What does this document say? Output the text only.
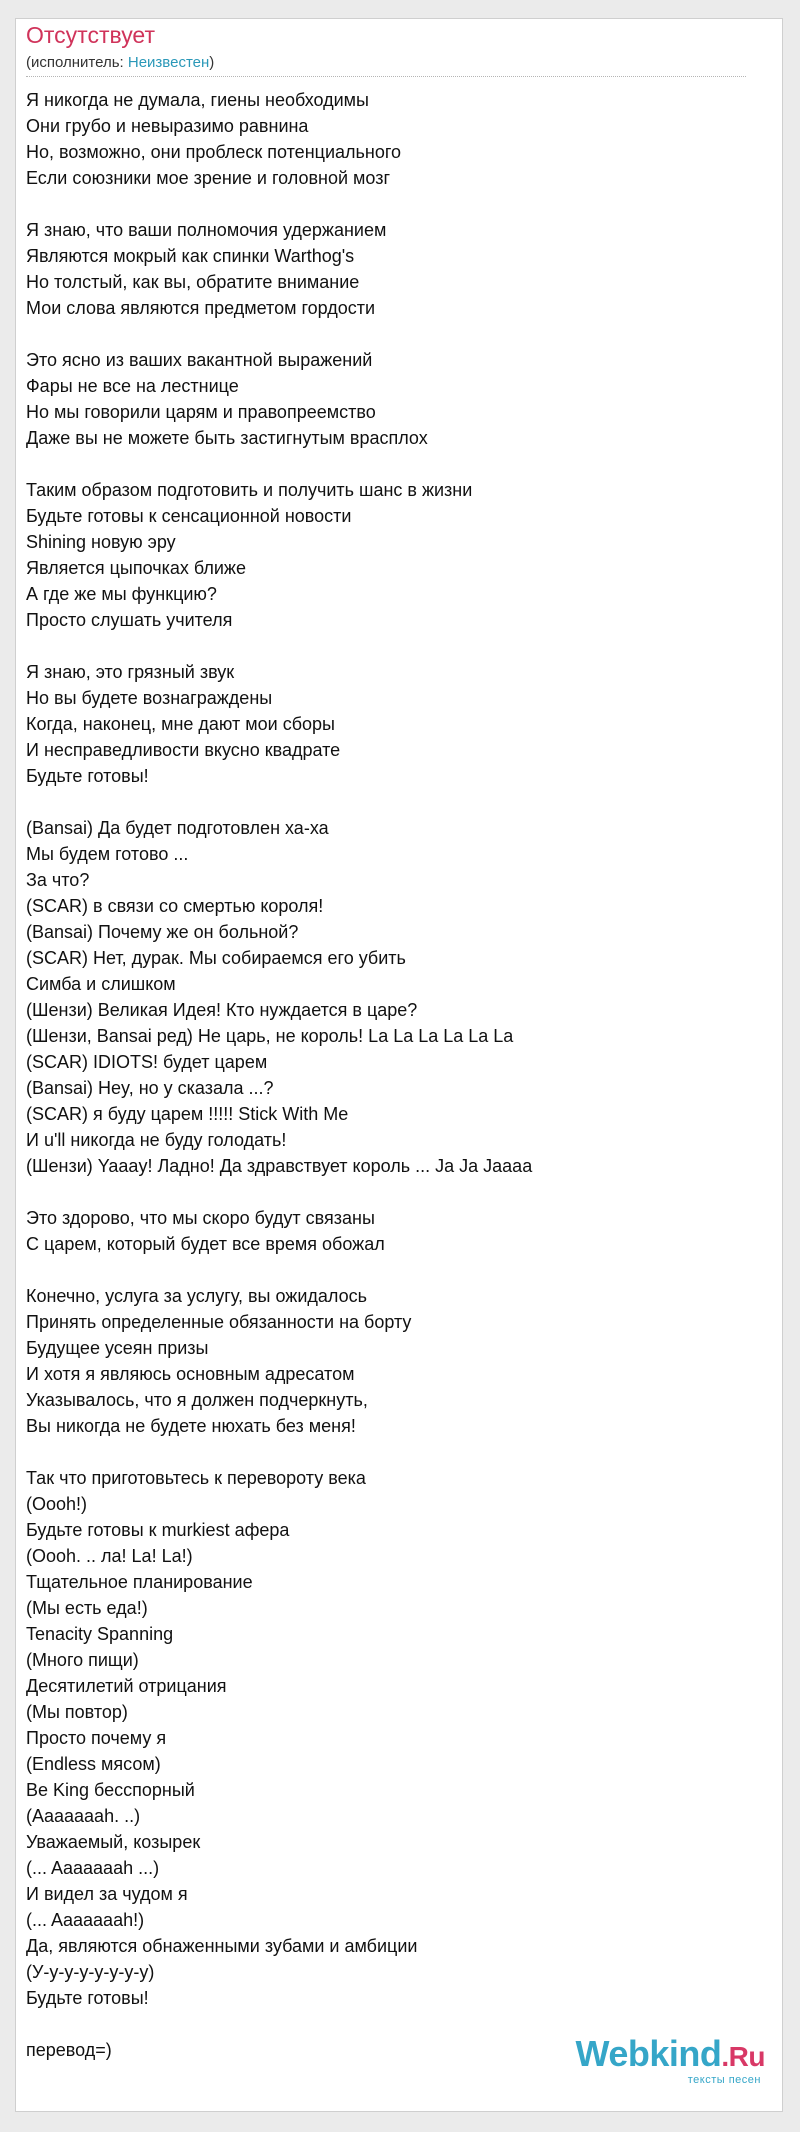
Отсутствует
(исполнитель: Неизвестен)
Я никогда не думала, гиены необходимы
Они грубо и невыразимо равнина
Но, возможно, они проблеск потенциального
Если союзники мое зрение и головной мозг
Я знаю, что ваши полномочия удержанием
Являются мокрый как спинки Warthog's
Но толстый, как вы, обратите внимание
Мои слова являются предметом гордости
Это ясно из ваших вакантной выражений
Фары не все на лестнице
Но мы говорили царям и правопреемство
Даже вы не можете быть застигнутым врасплох
Таким образом подготовить и получить шанс в жизни
Будьте готовы к сенсационной новости
Shining новую эру
Является цыпочках ближе
А где же мы функцию?
Просто слушать учителя
Я знаю, это грязный звук
Но вы будете вознаграждены
Когда, наконец, мне дают мои сборы
И несправедливости вкусно квадрате
Будьте готовы!
(Bansai) Да будет подготовлен ха-ха
Мы будем готово ...
За что?
(SCAR) в связи со смертью короля!
(Bansai) Почему же он больной?
(SCAR) Нет, дурак. Мы собираемся его убить
Симба и слишком
(Шензи) Великая Идея! Кто нуждается в царе?
(Шензи, Bansai ред) Не царь, не король! La La La La La La
(SCAR) IDIOTS! будет царем
(Bansai) Hey, но у сказала ...?
(SCAR) я буду царем !!!!! Stick With Me
И u'll никогда не буду голодать!
(Шензи) Yaaay! Ладно! Да здравствует король ... Ja Ja Jaaaa
Это здорово, что мы скоро будут связаны
С царем, который будет все время обожал
Конечно, услуга за услугу, вы ожидалось
Принять определенные обязанности на борту
Будущее усеян призы
И хотя я являюсь основным адресатом
Указывалось, что я должен подчеркнуть,
Вы никогда не будете нюхать без меня!
Так что приготовьтесь к перевороту века
(Oooh!)
Будьте готовы к murkiest афера
(Oooh. .. ла! La! La!)
Тщательное планирование
(Мы есть еда!)
Tenacity Spanning
(Много пищи)
Десятилетий отрицания
(Мы повтор)
Просто почему я
(Endless мясом)
Be King бесспорный
(Aaaaaaah. ..)
Уважаемый, козырек
(... Aaaaaaah ...)
И видел за чудом я
(... Aaaaaaah!)
Да, являются обнаженными зубами и амбиции
(У-у-у-у-у-у-у-у)
Будьте готовы!
перевод=)	Webkind.Ru
тексты песен
